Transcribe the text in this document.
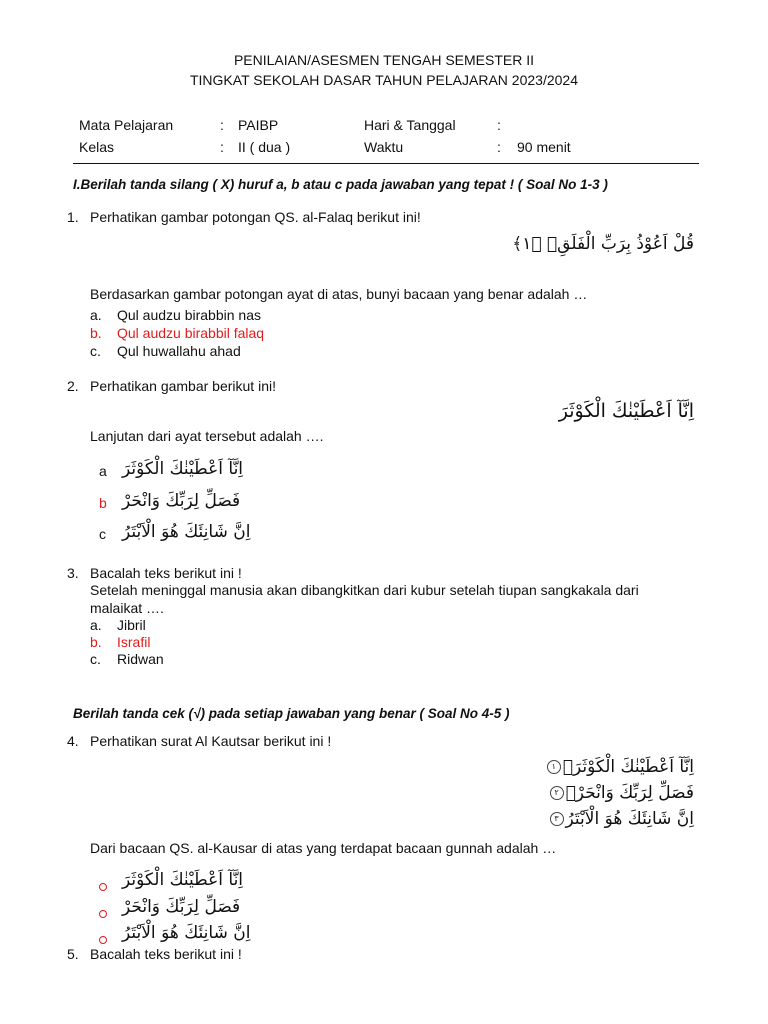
PENILAIAN/ASESMEN TENGAH SEMESTER II
TINGKAT SEKOLAH DASAR TAHUN PELAJARAN 2023/2024
Mata Pelajaran	: PAIBP	Hari & Tanggal	:
Kelas	: II ( dua )	Waktu	: 90 menit
I.Berilah tanda silang ( X) huruf a, b atau c pada jawaban yang tepat ! ( Soal No 1-3 )
1. Perhatikan gambar potongan QS. al-Falaq berikut ini!
قُلْ اَعُوْذُ بِرَبِّ الْفَلَقِۙ ﴿١﴾
Berdasarkan gambar potongan ayat di atas, bunyi bacaan yang benar adalah …
a. Qul audzu birabbin nas
b. Qul audzu birabbil falaq
c. Qul huwallahu ahad
2. Perhatikan gambar berikut ini!
اِنَّآ اَعْطَيْنٰكَ الْكَوْثَرَ
Lanjutan dari ayat tersebut adalah ….
a اِنَّآ اَعْطَيْنٰكَ الْكَوْثَرَ
b فَصَلِّ لِرَبِّكَ وَانْحَرْ
c اِنَّ شَانِئَكَ هُوَ الْاَبْتَرُ
3. Bacalah teks berikut ini !
Setelah meninggal manusia akan dibangkitkan dari kubur setelah tiupan sangkakala dari
malaikat ….
a. Jibril
b. Israfil
c. Ridwan
Berilah tanda cek (√) pada setiap jawaban yang benar ( Soal No 4-5 )
4. Perhatikan surat Al Kautsar berikut ini !
اِنَّآ اَعْطَيْنٰكَ الْكَوْثَرَۗ١
فَصَلِّ لِرَبِّكَ وَانْحَرْۗ٢
اِنَّ شَانِئَكَ هُوَ الْاَبْتَرُ٣
Dari bacaan QS. al-Kausar di atas yang terdapat bacaan gunnah adalah …
اِنَّآ اَعْطَيْنٰكَ الْكَوْثَرَ
فَصَلِّ لِرَبِّكَ وَانْحَرْ
اِنَّ شَانِئَكَ هُوَ الْاَبْتَرُ
5. Bacalah teks berikut ini !
